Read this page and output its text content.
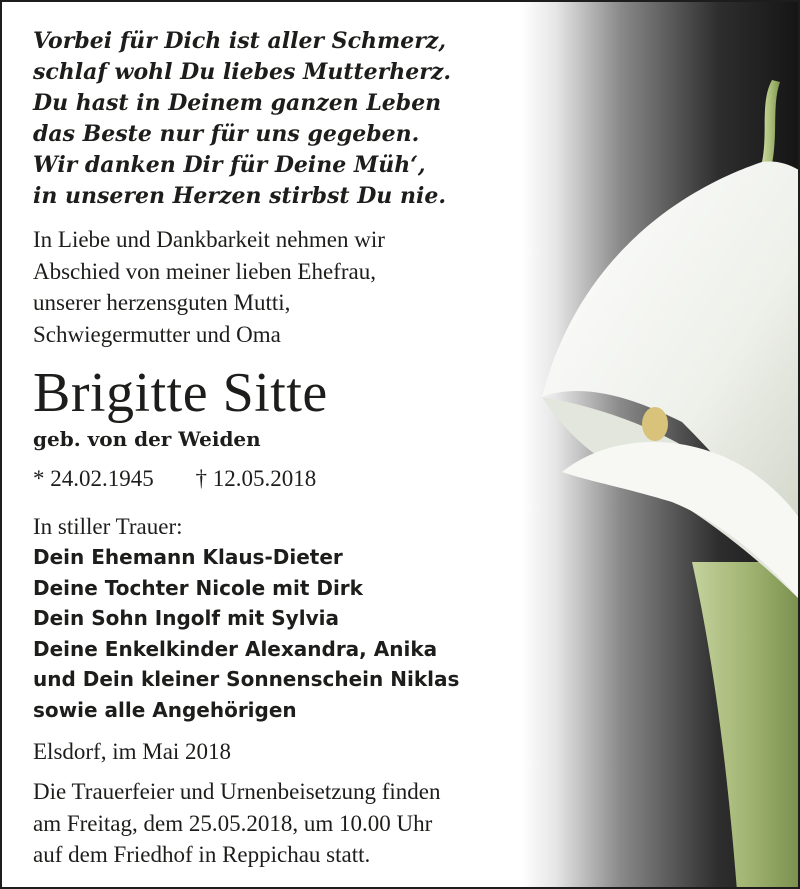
Vorbei für Dich ist aller Schmerz,
schlaf wohl Du liebes Mutterherz.
Du hast in Deinem ganzen Leben
das Beste nur für uns gegeben.
Wir danken Dir für Deine Müh‘,
in unseren Herzen stirbst Du nie.
In Liebe und Dankbarkeit nehmen wir
Abschied von meiner lieben Ehefrau,
unserer herzensguten Mutti,
Schwiegermutter und Oma
Brigitte Sitte
geb. von der Weiden
* 24.02.1945 † 12.05.2018
In stiller Trauer:
Dein Ehemann Klaus-Dieter
Deine Tochter Nicole mit Dirk
Dein Sohn Ingolf mit Sylvia
Deine Enkelkinder Alexandra, Anika
und Dein kleiner Sonnenschein Niklas
sowie alle Angehörigen
Elsdorf, im Mai 2018
Die Trauerfeier und Urnenbeisetzung finden
am Freitag, dem 25.05.2018, um 10.00 Uhr
auf dem Friedhof in Reppichau statt.
